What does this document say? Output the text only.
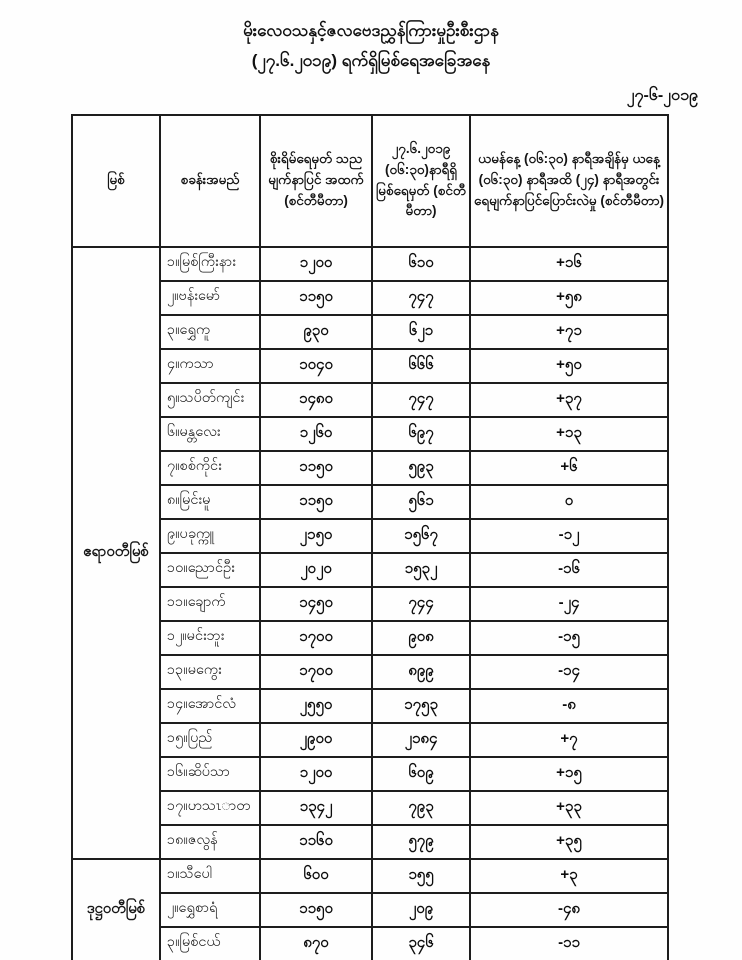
မိုးလေဝသနှင့်ဇလဗေဒညွှန်ကြားမှုဦးစီးဌာန
(၂၇.၆.၂၀၁၉) ရက်ရှိမြစ်ရေအခြေအနေ
၂၇-၆-၂၀၁၉
မြစ်	စခန်းအမည်	စိုးရိမ်ရေမှတ် သည မျက်နာပြင် အထက် (စင်တီမီတာ)	၂၇.၆.၂၀၁၉ (၀၆:၃၀)နာရီရှိ မြစ်ရေမှတ် (စင်တီမီတာ)	ယမန်နေ့ (၀၆:၃၀) နာရီအချိန်မှ ယနေ့ (၀၆:၃၀) နာရီအထိ (၂၄) နာရီအတွင်း ရေမျက်နာပြင်ပြောင်းလဲမှု (စင်တီမီတာ)
ဧရာဝတီမြစ်	၁။မြစ်ကြီးနား	၁၂၀၀	၆၁၀	+၁၆
	၂။ဗန်းမော်	၁၁၅၀	၇၄၇	+၅၈
	၃။ရွှေကူ	၉၃၀	၆၂၁	+၇၁
	၄။ကသာ	၁၀၄၀	၆၆၆	+၅၀
	၅။သပိတ်ကျင်း	၁၄၈၀	၇၄၇	+၃၇
	၆။မန္တလေး	၁၂၆၀	၆၉၇	+၁၃
	၇။စစ်ကိုင်း	၁၁၅၀	၅၉၃	+၆
	၈။မြင်းမူ	၁၁၅၀	၅၆၁	၀
	၉။ပခုက္ကူ	၂၁၅၀	၁၅၆၇	-၁၂
	၁၀။ညောင်ဦး	၂၀၂၀	၁၅၃၂	-၁၆
	၁၁။ချောက်	၁၄၅၀	၇၄၄	-၂၄
	၁၂။မင်းဘူး	၁၇၀၀	၉၀၈	-၁၅
	၁၃။မကွေး	၁၇၀၀	၈၉၉	-၁၄
	၁၄။အောင်လံ	၂၅၅၀	၁၇၅၃	-၈
	၁၅။ပြည်	၂၉၀၀	၂၁၈၄	+၇
	၁၆။ဆိပ်သာ	၁၂၀၀	၆၀၉	+၁၅
	၁၇။ဟသၤာတ	၁၃၄၂	၇၉၃	+၃၃
	၁၈။ဇလွန်	၁၁၆၀	၅၇၉	+၃၅
ဒုဋ္ဌဝတီမြစ်	၁။သီပေါ	၆၀၀	၁၅၅	+၃
	၂။ရွှေစာရံ	၁၁၅၀	၂၀၉	-၄၈
	၃။မြစ်ငယ်	၈၇၀	၃၄၆	-၁၁
